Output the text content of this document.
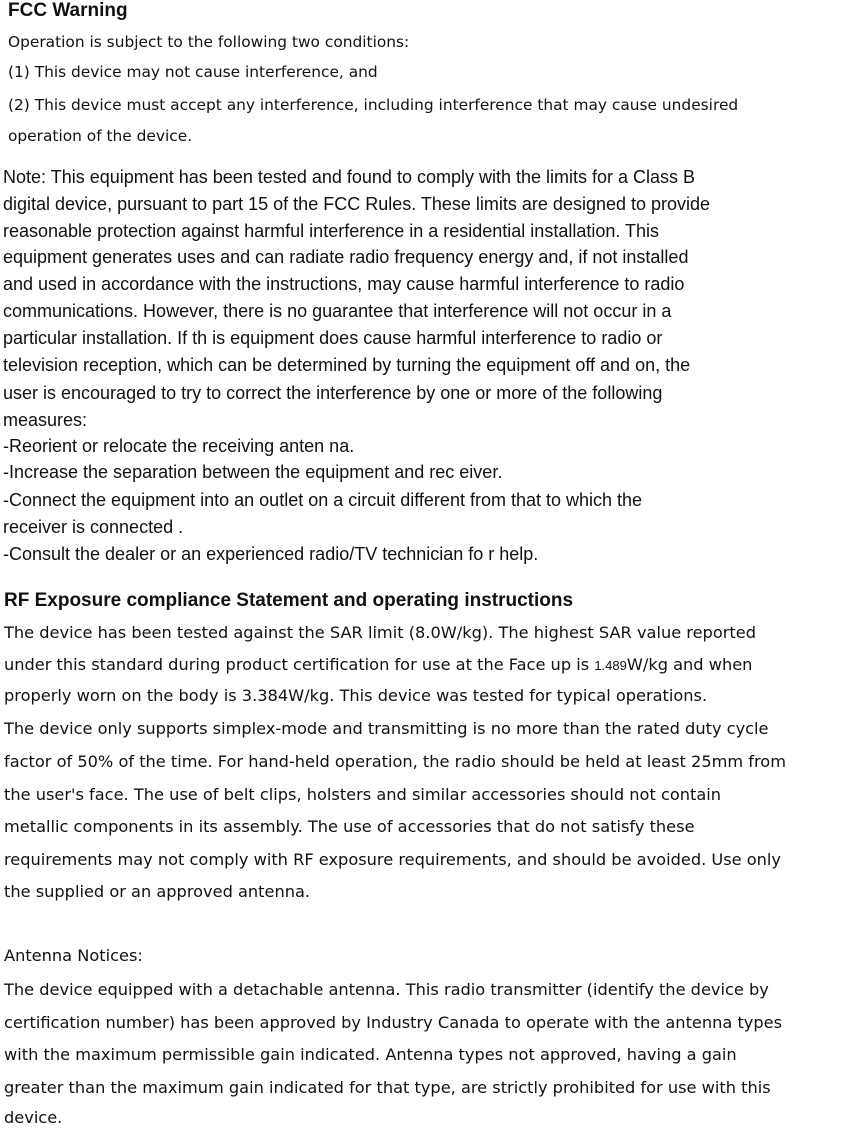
FCC Warning
Operation is subject to the following two conditions:
(1) This device may not cause interference, and
(2) This device must accept any interference, including interference that may cause undesired
operation of the device.
Note: This equipment has been tested and found to comply with the limits for a Class B
digital device, pursuant to part 15 of the FCC Rules. These limits are designed to provide
reasonable protection against harmful interference in a residential installation. This
equipment generates uses and can radiate radio frequency energy and, if not installed
and used in accordance with the instructions, may cause harmful interference to radio
communications. However, there is no guarantee that interference will not occur in a
particular installation. If th is equipment does cause harmful interference to radio or
television reception, which can be determined by turning the equipment off and on, the
user is encouraged to try to correct the interference by one or more of the following
measures:
-Reorient or relocate the receiving anten na.
-Increase the separation between the equipment and rec eiver.
-Connect the equipment into an outlet on a circuit different from that to which the
receiver is connected .
-Consult the dealer or an experienced radio/TV technician fo r help.
RF Exposure compliance Statement and operating instructions
The device has been tested against the SAR limit (8.0W/kg). The highest SAR value reported
under this standard during product certification for use at the Face up is 1.489W/kg and when
properly worn on the body is 3.384W/kg. This device was tested for typical operations.
The device only supports simplex-mode and transmitting is no more than the rated duty cycle
factor of 50% of the time. For hand-held operation, the radio should be held at least 25mm from
the user's face. The use of belt clips, holsters and similar accessories should not contain
metallic components in its assembly. The use of accessories that do not satisfy these
requirements may not comply with RF exposure requirements, and should be avoided. Use only
the supplied or an approved antenna.
Antenna Notices:
The device equipped with a detachable antenna. This radio transmitter (identify the device by
certification number) has been approved by Industry Canada to operate with the antenna types
with the maximum permissible gain indicated. Antenna types not approved, having a gain
greater than the maximum gain indicated for that type, are strictly prohibited for use with this
device.
